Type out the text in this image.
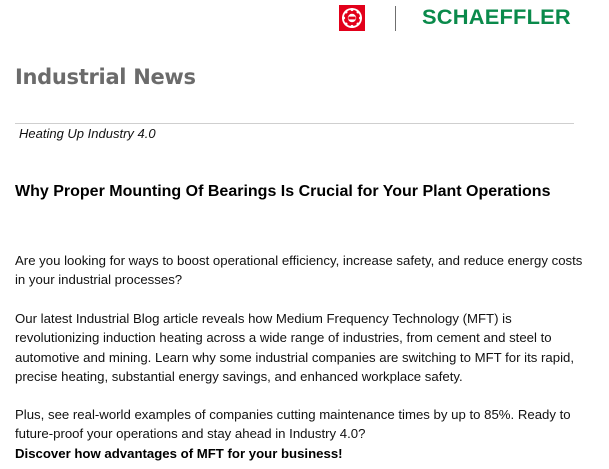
SCHAEFFLER
Industrial News
Heating Up Industry 4.0
Why Proper Mounting Of Bearings Is Crucial for Your Plant Operations

Are you looking for ways to boost operational efficiency, increase safety, and reduce energy costs in your industrial processes?

Our latest Industrial Blog article reveals how Medium Frequency Technology (MFT) is revolutionizing induction heating across a wide range of industries, from cement and steel to automotive and mining. Learn why some industrial companies are switching to MFT for its rapid, precise heating, substantial energy savings, and enhanced workplace safety.

Plus, see real-world examples of companies cutting maintenance times by up to 85%. Ready to future-proof your operations and stay ahead in Industry 4.0?

Discover how advantages of MFT for your business!
